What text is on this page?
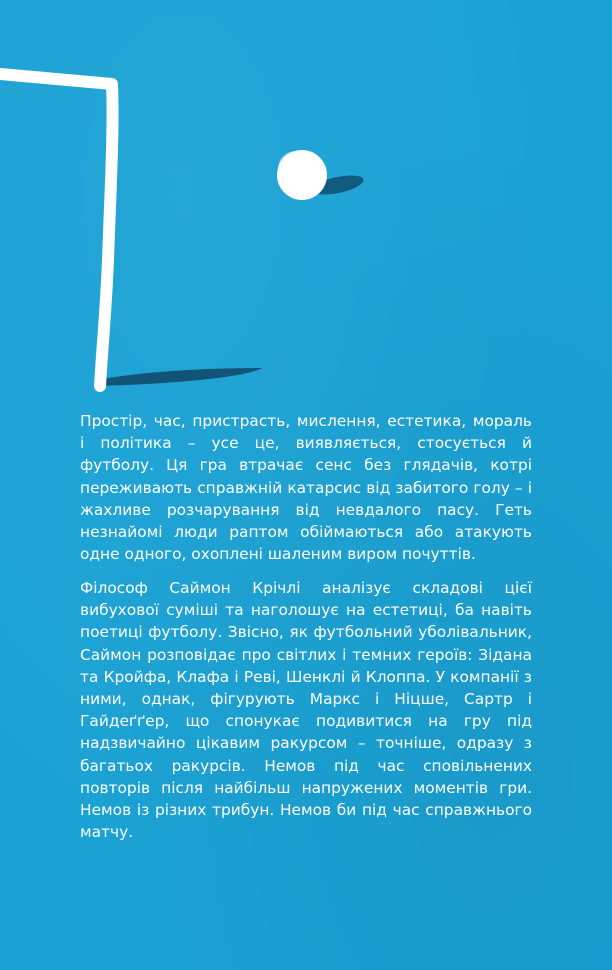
Простір, час, пристрасть, мислення, естетика, мораль і політика – усе це, виявляється, стосується й футболу. Ця гра втрачає сенс без глядачів, котрі переживають справжній катарсис від забитого голу – і жахливе розчарування від невдалого пасу. Геть незнайомі люди раптом обіймаються або атакують одне одного, охоплені шаленим виром почуттів.

Філософ Саймон Крічлі аналізує складові цієї вибухової суміші та наголошує на естетиці, ба навіть поетиці футболу. Звісно, як футбольний уболівальник, Саймон розповідає про світлих і темних героїв: Зідана та Кройфа, Клафа і Реві, Шенклі й Клоппа. У компанії з ними, однак, фігурують Маркс і Ніцше, Сартр і Гайдеґґер, що спонукає подивитися на гру під надзвичайно цікавим ракурсом – точніше, одразу з багатьох ракурсів. Немов під час сповільнених повторів після найбільш напружених моментів гри. Немов із різних трибун. Немов би під час справжнього матчу.
